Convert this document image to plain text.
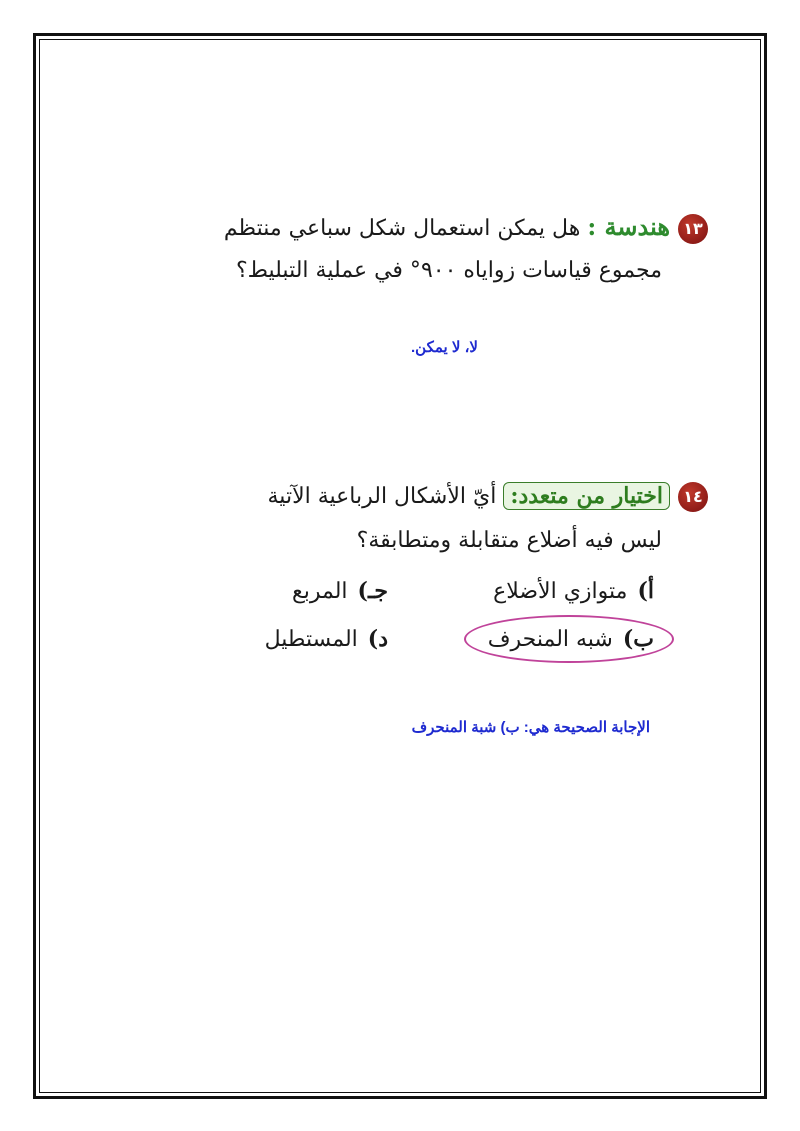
١٣هندسة : هل يمكن استعمال شكل سباعي منتظم
مجموع قياسات زواياه ٩٠٠° في عملية التبليط؟
لا، لا يمكن.
١٤اختيار من متعدد: أيّ الأشكال الرباعية الآتية
ليس فيه أضلاع متقابلة ومتطابقة؟
أ)متوازي الأضلاع
جـ)المربع
ب)شبه المنحرف
د)المستطيل
الإجابة الصحيحة هي: ب) شبة المنحرف
